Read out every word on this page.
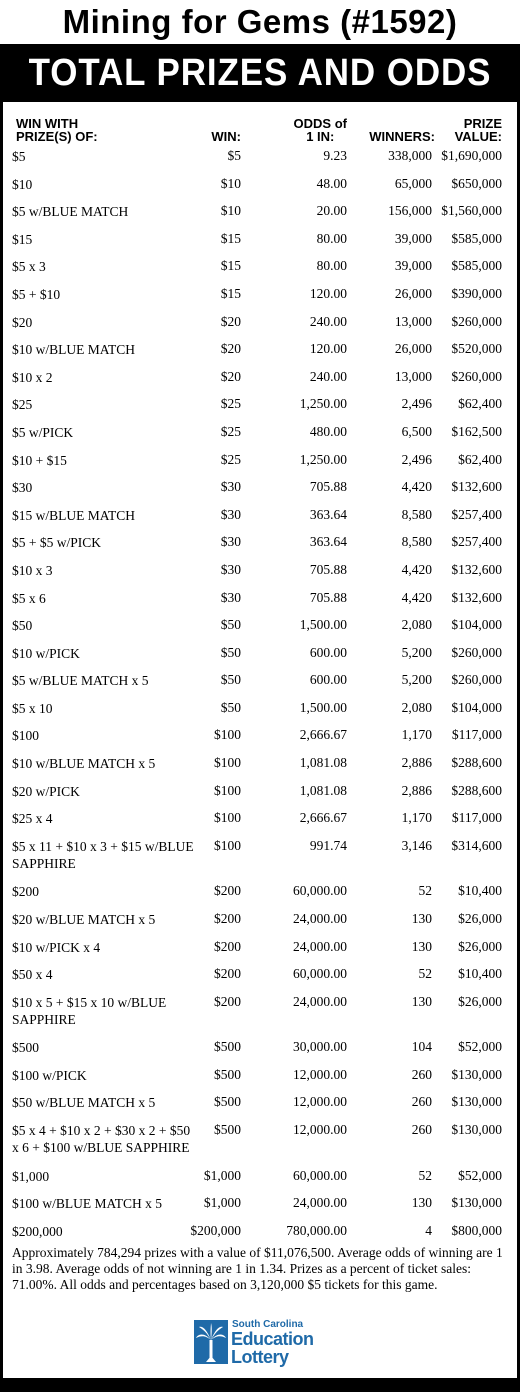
Mining for Gems (#1592)
TOTAL PRIZES AND ODDS
WIN WITH
PRIZE(S) OF:	WIN:
ODDS of
1 IN:	WINNERS:
PRIZE
VALUE:
$5	$5	9.23	338,000 $1,690,000
$10	$10	48.00	65,000 $650,000
$5 w/BLUE MATCH	$10	20.00	156,000 $1,560,000
$15	$15	80.00	39,000 $585,000
$5 x 3	$15	80.00	39,000 $585,000
$5 + $10	$15	120.00	26,000 $390,000
$20	$20	240.00	13,000 $260,000
$10 w/BLUE MATCH	$20	120.00	26,000 $520,000
$10 x 2	$20	240.00	13,000 $260,000
$25	$25	1,250.00	2,496 $62,400
$5 w/PICK	$25	480.00	6,500 $162,500
$10 + $15	$25	1,250.00	2,496 $62,400
$30	$30	705.88	4,420 $132,600
$15 w/BLUE MATCH	$30	363.64	8,580 $257,400
$5 + $5 w/PICK	$30	363.64	8,580 $257,400
$10 x 3	$30	705.88	4,420 $132,600
$5 x 6	$30	705.88	4,420 $132,600
$50	$50	1,500.00	2,080 $104,000
$10 w/PICK	$50	600.00	5,200 $260,000
$5 w/BLUE MATCH x 5	$50	600.00	5,200 $260,000
$5 x 10	$50	1,500.00	2,080 $104,000
$100	$100	2,666.67	1,170 $117,000
$10 w/BLUE MATCH x 5	$100	1,081.08	2,886 $288,600
$20 w/PICK	$100	1,081.08	2,886 $288,600
$25 x 4	$100	2,666.67	1,170 $117,000
$5 x 11 + $10 x 3 + $15 w/BLUE SAPPHIRE
$100	991.74	3,146 $314,600
$200	$200	60,000.00	52 $10,400
$20 w/BLUE MATCH x 5	$200	24,000.00	130 $26,000
$10 w/PICK x 4	$200	24,000.00	130 $26,000
$50 x 4	$200	60,000.00	52 $10,400
$10 x 5 + $15 x 10 w/BLUE SAPPHIRE
$200	24,000.00	130 $26,000
$500	$500	30,000.00	104 $52,000
$100 w/PICK	$500	12,000.00	260 $130,000
$50 w/BLUE MATCH x 5	$500	12,000.00	260 $130,000
$5 x 4 + $10 x 2 + $30 x 2 + $50 x 6 + $100 w/BLUE SAPPHIRE
$500	12,000.00	260 $130,000
$1,000	$1,000	60,000.00	52 $52,000
$100 w/BLUE MATCH x 5	$1,000	24,000.00	130 $130,000
$200,000	$200,000	780,000.00	4 $800,000
Approximately 784,294 prizes with a value of $11,076,500. Average odds of winning are 1 in 3.98. Average odds of not winning are 1 in 1.34. Prizes as a percent of ticket sales: 71.00%. All odds and percentages based on 3,120,000 $5 tickets for this game.
South Carolina
Education
Lottery
